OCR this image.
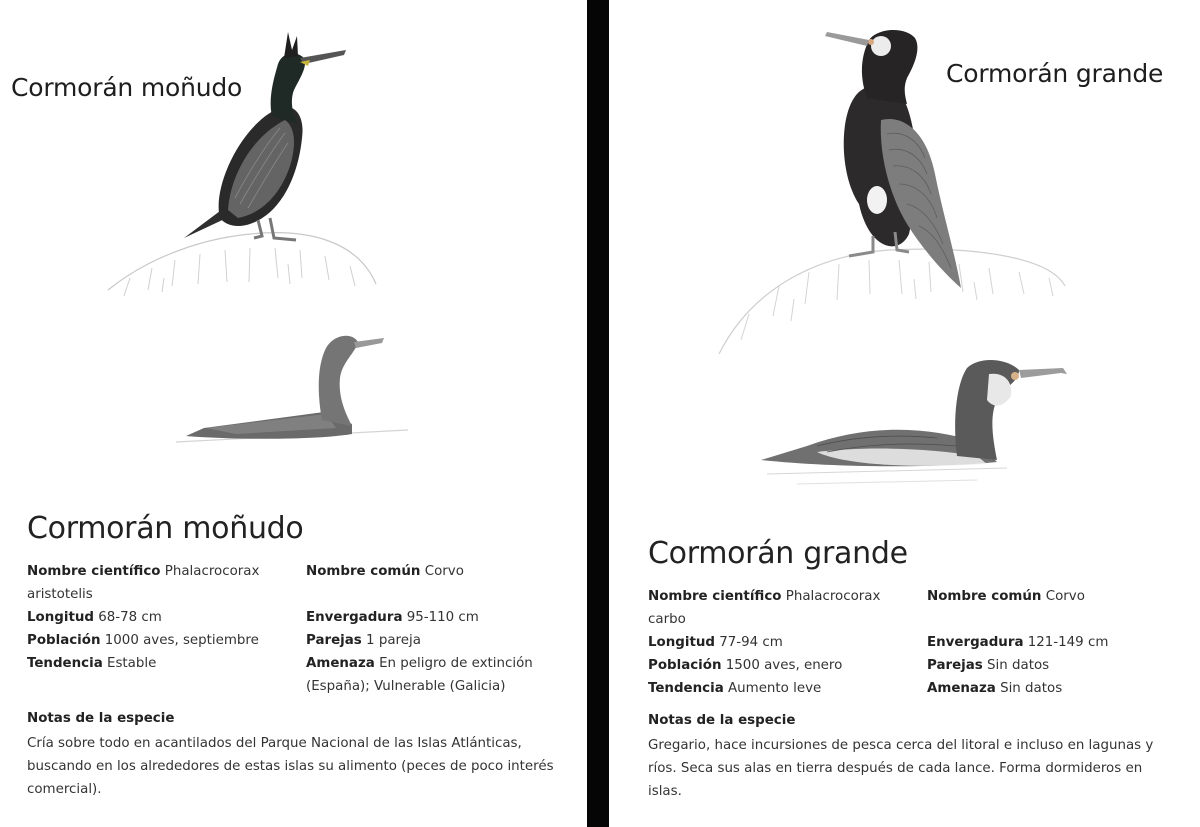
Cormorán moñudo
Cormorán moñudo
Nombre científico Phalacrocorax aristotelis
Longitud 68-78 cm
Población 1000 aves, septiembre
Tendencia Estable
Nombre común Corvo
Envergadura 95-110 cm
Parejas 1 pareja
Amenaza En peligro de extinción (España); Vulnerable (Galicia)
Notas de la especie

Cría sobre todo en acantilados del Parque Nacional de las Islas Atlánticas, buscando en los alrededores de estas islas su alimento (peces de poco interés comercial).

Cormorán grande
Cormorán grande
Nombre científico Phalacrocorax carbo
Longitud 77-94 cm
Población 1500 aves, enero
Tendencia Aumento leve
Nombre común Corvo
Envergadura 121-149 cm
Parejas Sin datos
Amenaza Sin datos
Notas de la especie

Gregario, hace incursiones de pesca cerca del litoral e incluso en lagunas y ríos. Seca sus alas en tierra después de cada lance. Forma dormideros en islas.
